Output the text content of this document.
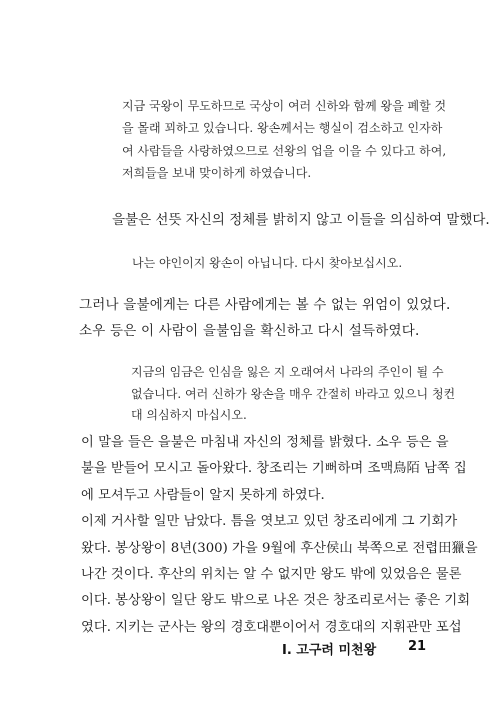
지금 국왕이 무도하므로 국상이 여러 신하와 함께 왕을 폐할 것
을 몰래 꾀하고 있습니다. 왕손께서는 행실이 검소하고 인자하
여 사람들을 사랑하였으므로 선왕의 업을 이을 수 있다고 하여,
저희들을 보내 맞이하게 하였습니다.
을불은 선뜻 자신의 정체를 밝히지 않고 이들을 의심하여 말했다.
나는 야인이지 왕손이 아닙니다. 다시 찾아보십시오.
그러나 을불에게는 다른 사람에게는 볼 수 없는 위엄이 있었다.
소우 등은 이 사람이 을불임을 확신하고 다시 설득하였다.
지금의 임금은 인심을 잃은 지 오래여서 나라의 주인이 될 수
없습니다. 여러 신하가 왕손을 매우 간절히 바라고 있으니 청컨
대 의심하지 마십시오.
이 말을 들은 을불은 마침내 자신의 정체를 밝혔다. 소우 등은 을
불을 받들어 모시고 돌아왔다. 창조리는 기뻐하며 조맥鳥陌 남쪽 집
에 모셔두고 사람들이 알지 못하게 하였다.
이제 거사할 일만 남았다. 틈을 엿보고 있던 창조리에게 그 기회가
왔다. 봉상왕이 8년(300) 가을 9월에 후산侯山 북쪽으로 전렵田獵을
나간 것이다. 후산의 위치는 알 수 없지만 왕도 밖에 있었음은 물론
이다. 봉상왕이 일단 왕도 밖으로 나온 것은 창조리로서는 좋은 기회
였다. 지키는 군사는 왕의 경호대뿐이어서 경호대의 지휘관만 포섭
Ⅰ. 고구려 미천왕 21
